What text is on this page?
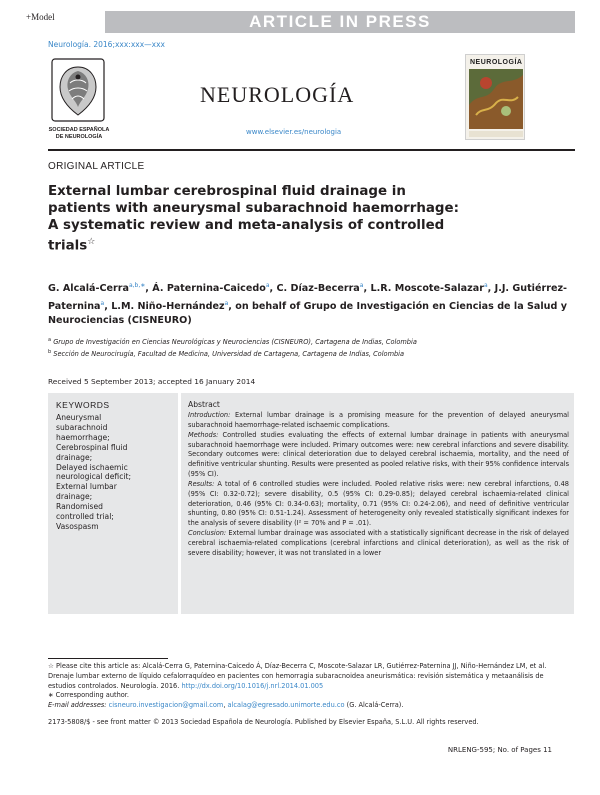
+Model	ARTICLE IN PRESS
Neurología. 2016;xxx:xxx—xxx
SOCIEDAD ESPAÑOLA
DE NEUROLOGÍA
NEUROLOGÍA
www.elsevier.es/neurologia
NEUROLOGÍA
ORIGINAL ARTICLE
External lumbar cerebrospinal fluid drainage in
patients with aneurysmal subarachnoid haemorrhage:
A systematic review and meta-analysis of controlled
trials☆
G. Alcalá-Cerra$^{a,b,∗}$, Á. Paternina-Caicedo$^a$, C. Díaz-Becerra$^a$, L.R. Moscote-Salazar$^a$, J.J. Gutiérrez-Paternina$^a$, L.M. Niño-Hernández$^a$, on behalf of Grupo de Investigación en Ciencias de la Salud y Neurociencias (CISNEURO)
$^a$ Grupo de Investigación en Ciencias Neurológicas y Neurociencias (CISNEURO), Cartagena de Indias, Colombia
$^b$ Sección de Neurocirugía, Facultad de Medicina, Universidad de Cartagena, Cartagena de Indias, Colombia
Received 5 September 2013; accepted 16 January 2014
KEYWORDS
Aneurysmal
subarachnoid
haemorrhage;
Cerebrospinal fluid
drainage;
Delayed ischaemic
neurological deficit;
External lumbar
drainage;
Randomised
controlled trial;
Vasospasm
Abstract

Introduction: External lumbar drainage is a promising measure for the prevention of delayed aneurysmal subarachnoid haemorrhage-related ischaemic complications.

Methods: Controlled studies evaluating the effects of external lumbar drainage in patients with aneurysmal subarachnoid haemorrhage were included. Primary outcomes were: new cerebral infarctions and severe disability. Secondary outcomes were: clinical deterioration due to delayed cerebral ischaemia, mortality, and the need of definitive ventricular shunting. Results were presented as pooled relative risks, with their 95% confidence intervals (95% CI).

Results: A total of 6 controlled studies were included. Pooled relative risks were: new cerebral infarctions, 0.48 (95% CI: 0.32-0.72); severe disability, 0.5 (95% CI: 0.29-0.85); delayed cerebral ischaemia-related clinical deterioration, 0.46 (95% CI: 0.34-0.63); mortality, 0.71 (95% CI: 0.24-2.06), and need of definitive ventricular shunting, 0.80 (95% CI: 0.51-1.24). Assessment of heterogeneity only revealed statistically significant indexes for the analysis of severe disability (I² = 70% and P = .01).

Conclusion: External lumbar drainage was associated with a statistically significant decrease in the risk of delayed cerebral ischaemia-related complications (cerebral infarctions and clinical deterioration), as well as the risk of severe disability; however, it was not translated in a lower

☆ Please cite this article as: Alcalá-Cerra G, Paternina-Caicedo Á, Díaz-Becerra C, Moscote-Salazar LR, Gutiérrez-Paternina JJ, Niño-Hernández LM, et al. Drenaje lumbar externo de líquido cefalorraquídeo en pacientes con hemorragia subaracnoidea aneurismática: revisión sistemática y metaanálisis de estudios controlados. Neurología. 2016. http://dx.doi.org/10.1016/j.nrl.2014.01.005
∗ Corresponding author.
E-mail addresses: cisneuro.investigacion@gmail.com, alcalag@egresado.unimorte.edu.co (G. Alcalá-Cerra).
2173-5808/$ - see front matter © 2013 Sociedad Española de Neurología. Published by Elsevier España, S.L.U. All rights reserved.
NRLENG-595; No. of Pages 11
